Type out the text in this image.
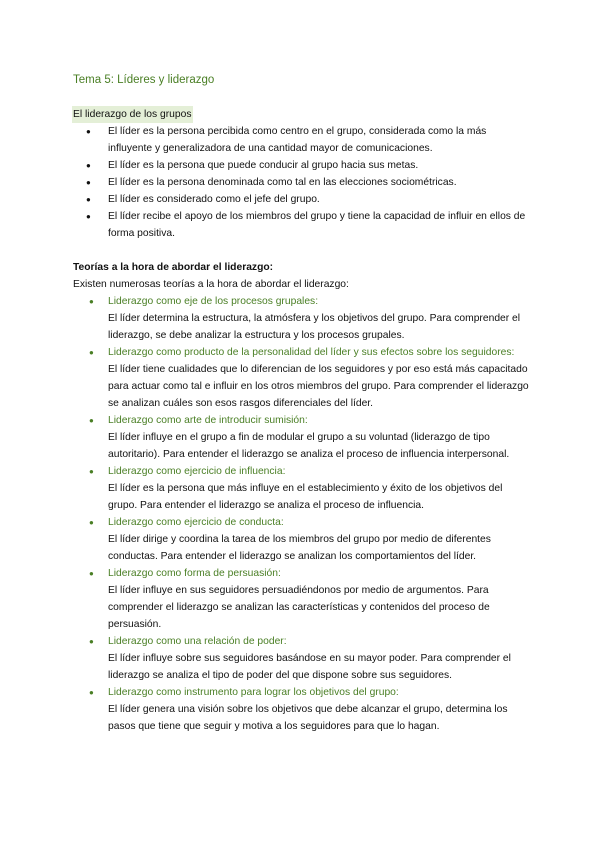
Tema 5: Líderes y liderazgo

El liderazgo de los grupos

● El líder es la persona percibida como centro en el grupo, considerada como la más influyente y generalizadora de una cantidad mayor de comunicaciones.
● El líder es la persona que puede conducir al grupo hacia sus metas.
● El líder es la persona denominada como tal en las elecciones sociométricas.
● El líder es considerado como el jefe del grupo.
● El líder recibe el apoyo de los miembros del grupo y tiene la capacidad de influir en ellos de forma positiva.

Teorías a la hora de abordar el liderazgo:

Existen numerosas teorías a la hora de abordar el liderazgo:

● Liderazgo como eje de los procesos grupales:
El líder determina la estructura, la atmósfera y los objetivos del grupo. Para comprender el liderazgo, se debe analizar la estructura y los procesos grupales.
● Liderazgo como producto de la personalidad del líder y sus efectos sobre los seguidores:
El líder tiene cualidades que lo diferencian de los seguidores y por eso está más capacitado para actuar como tal e influir en los otros miembros del grupo. Para comprender el liderazgo se analizan cuáles son esos rasgos diferenciales del líder.
● Liderazgo como arte de introducir sumisión:
El líder influye en el grupo a fin de modular el grupo a su voluntad (liderazgo de tipo autoritario). Para entender el liderazgo se analiza el proceso de influencia interpersonal.
● Liderazgo como ejercicio de influencia:
El líder es la persona que más influye en el establecimiento y éxito de los objetivos del grupo. Para entender el liderazgo se analiza el proceso de influencia.
● Liderazgo como ejercicio de conducta:
El líder dirige y coordina la tarea de los miembros del grupo por medio de diferentes conductas. Para entender el liderazgo se analizan los comportamientos del líder.
● Liderazgo como forma de persuasión:
El líder influye en sus seguidores persuadiéndonos por medio de argumentos. Para comprender el liderazgo se analizan las características y contenidos del proceso de persuasión.
● Liderazgo como una relación de poder:
El líder influye sobre sus seguidores basándose en su mayor poder. Para comprender el liderazgo se analiza el tipo de poder del que dispone sobre sus seguidores.
● Liderazgo como instrumento para lograr los objetivos del grupo:
El líder genera una visión sobre los objetivos que debe alcanzar el grupo, determina los pasos que tiene que seguir y motiva a los seguidores para que lo hagan.
